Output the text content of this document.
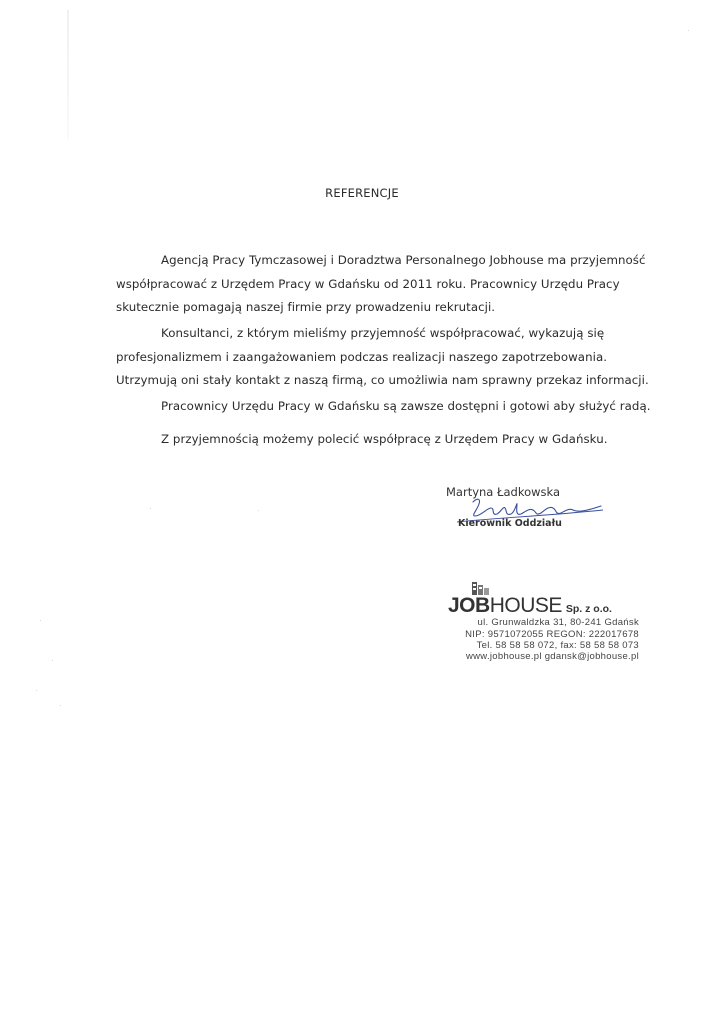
REFERENCJE

Agencją Pracy Tymczasowej i Doradztwa Personalnego Jobhouse ma przyjemność współpracować z Urzędem Pracy w Gdańsku od 2011 roku. Pracownicy Urzędu Pracy skutecznie pomagają naszej firmie przy prowadzeniu rekrutacji.

Konsultanci, z którym mieliśmy przyjemność współpracować, wykazują się profesjonalizmem i zaangażowaniem podczas realizacji naszego zapotrzebowania. Utrzymują oni stały kontakt z naszą firmą, co umożliwia nam sprawny przekaz informacji.

Pracownicy Urzędu Pracy w Gdańsku są zawsze dostępni i gotowi aby służyć radą.

Z przyjemnością możemy polecić współpracę z Urzędem Pracy w Gdańsku.

Martyna Ładkowska
Kierownik Oddziału
JOBHOUSE Sp. z o.o.
ul. Grunwaldzka 31, 80-241 Gdańsk
NIP: 9571072055 REGON: 222017678
Tel. 58 58 58 072, fax: 58 58 58 073
www.jobhouse.pl gdansk@jobhouse.pl
